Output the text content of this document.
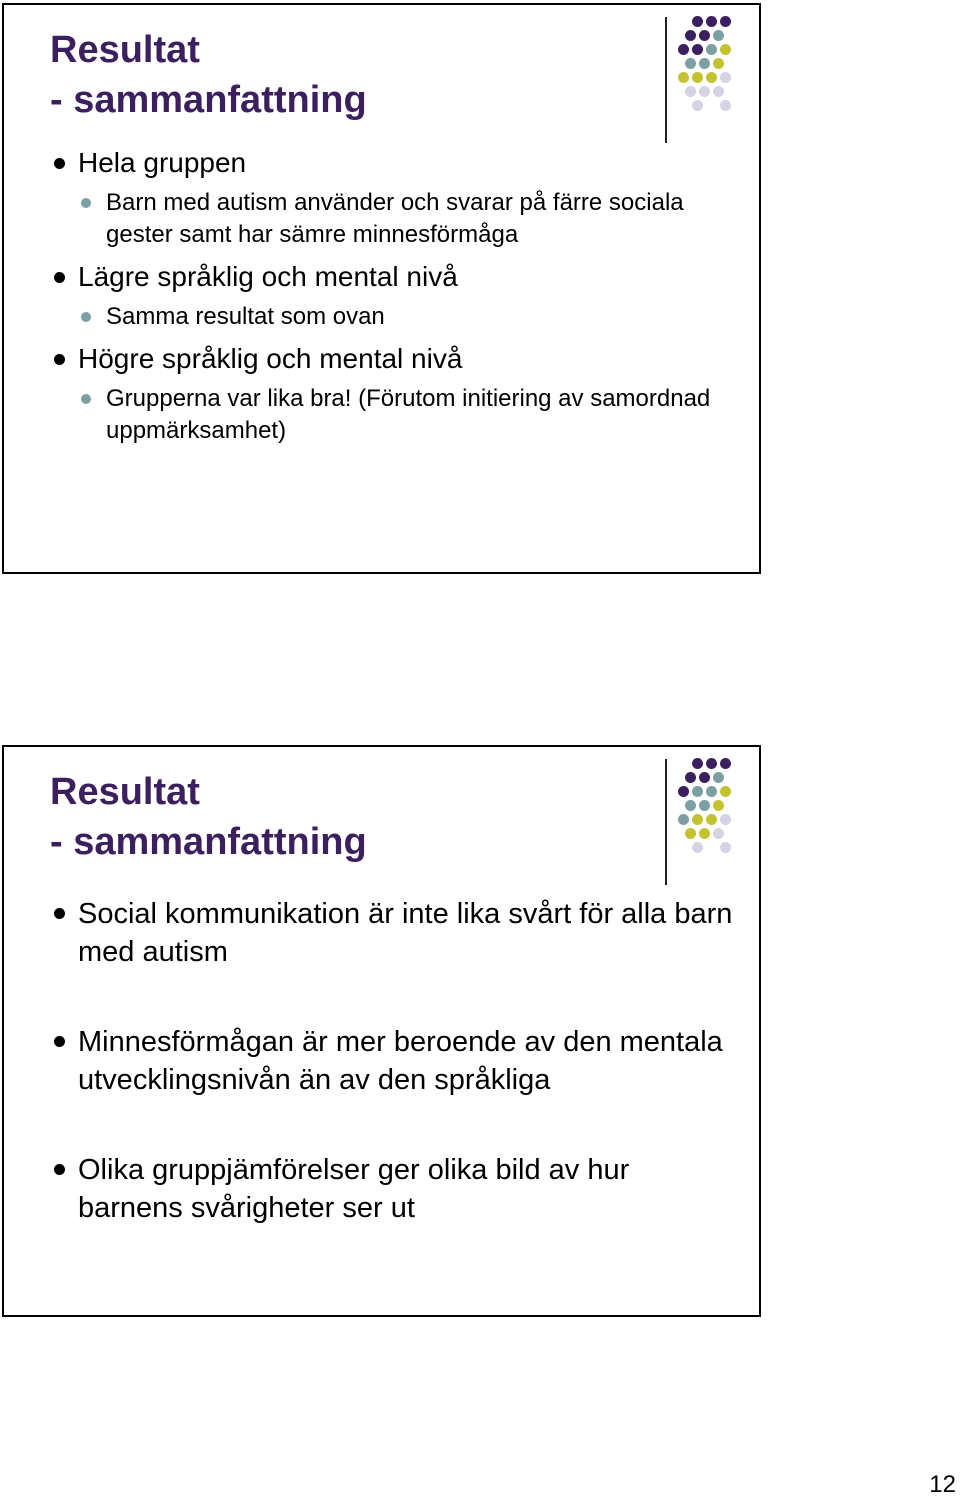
Resultat
- sammanfattning
Hela gruppen
Barn med autism använder och svarar på färre sociala gester samt har sämre minnesförmåga
Lägre språklig och mental nivå
Samma resultat som ovan
Högre språklig och mental nivå
Grupperna var lika bra! (Förutom initiering av samordnad uppmärksamhet)
Resultat
- sammanfattning
Social kommunikation är inte lika svårt för alla barn med autism
Minnesförmågan är mer beroende av den mentala utvecklingsnivån än av den språkliga
Olika gruppjämförelser ger olika bild av hur barnens svårigheter ser ut
12
